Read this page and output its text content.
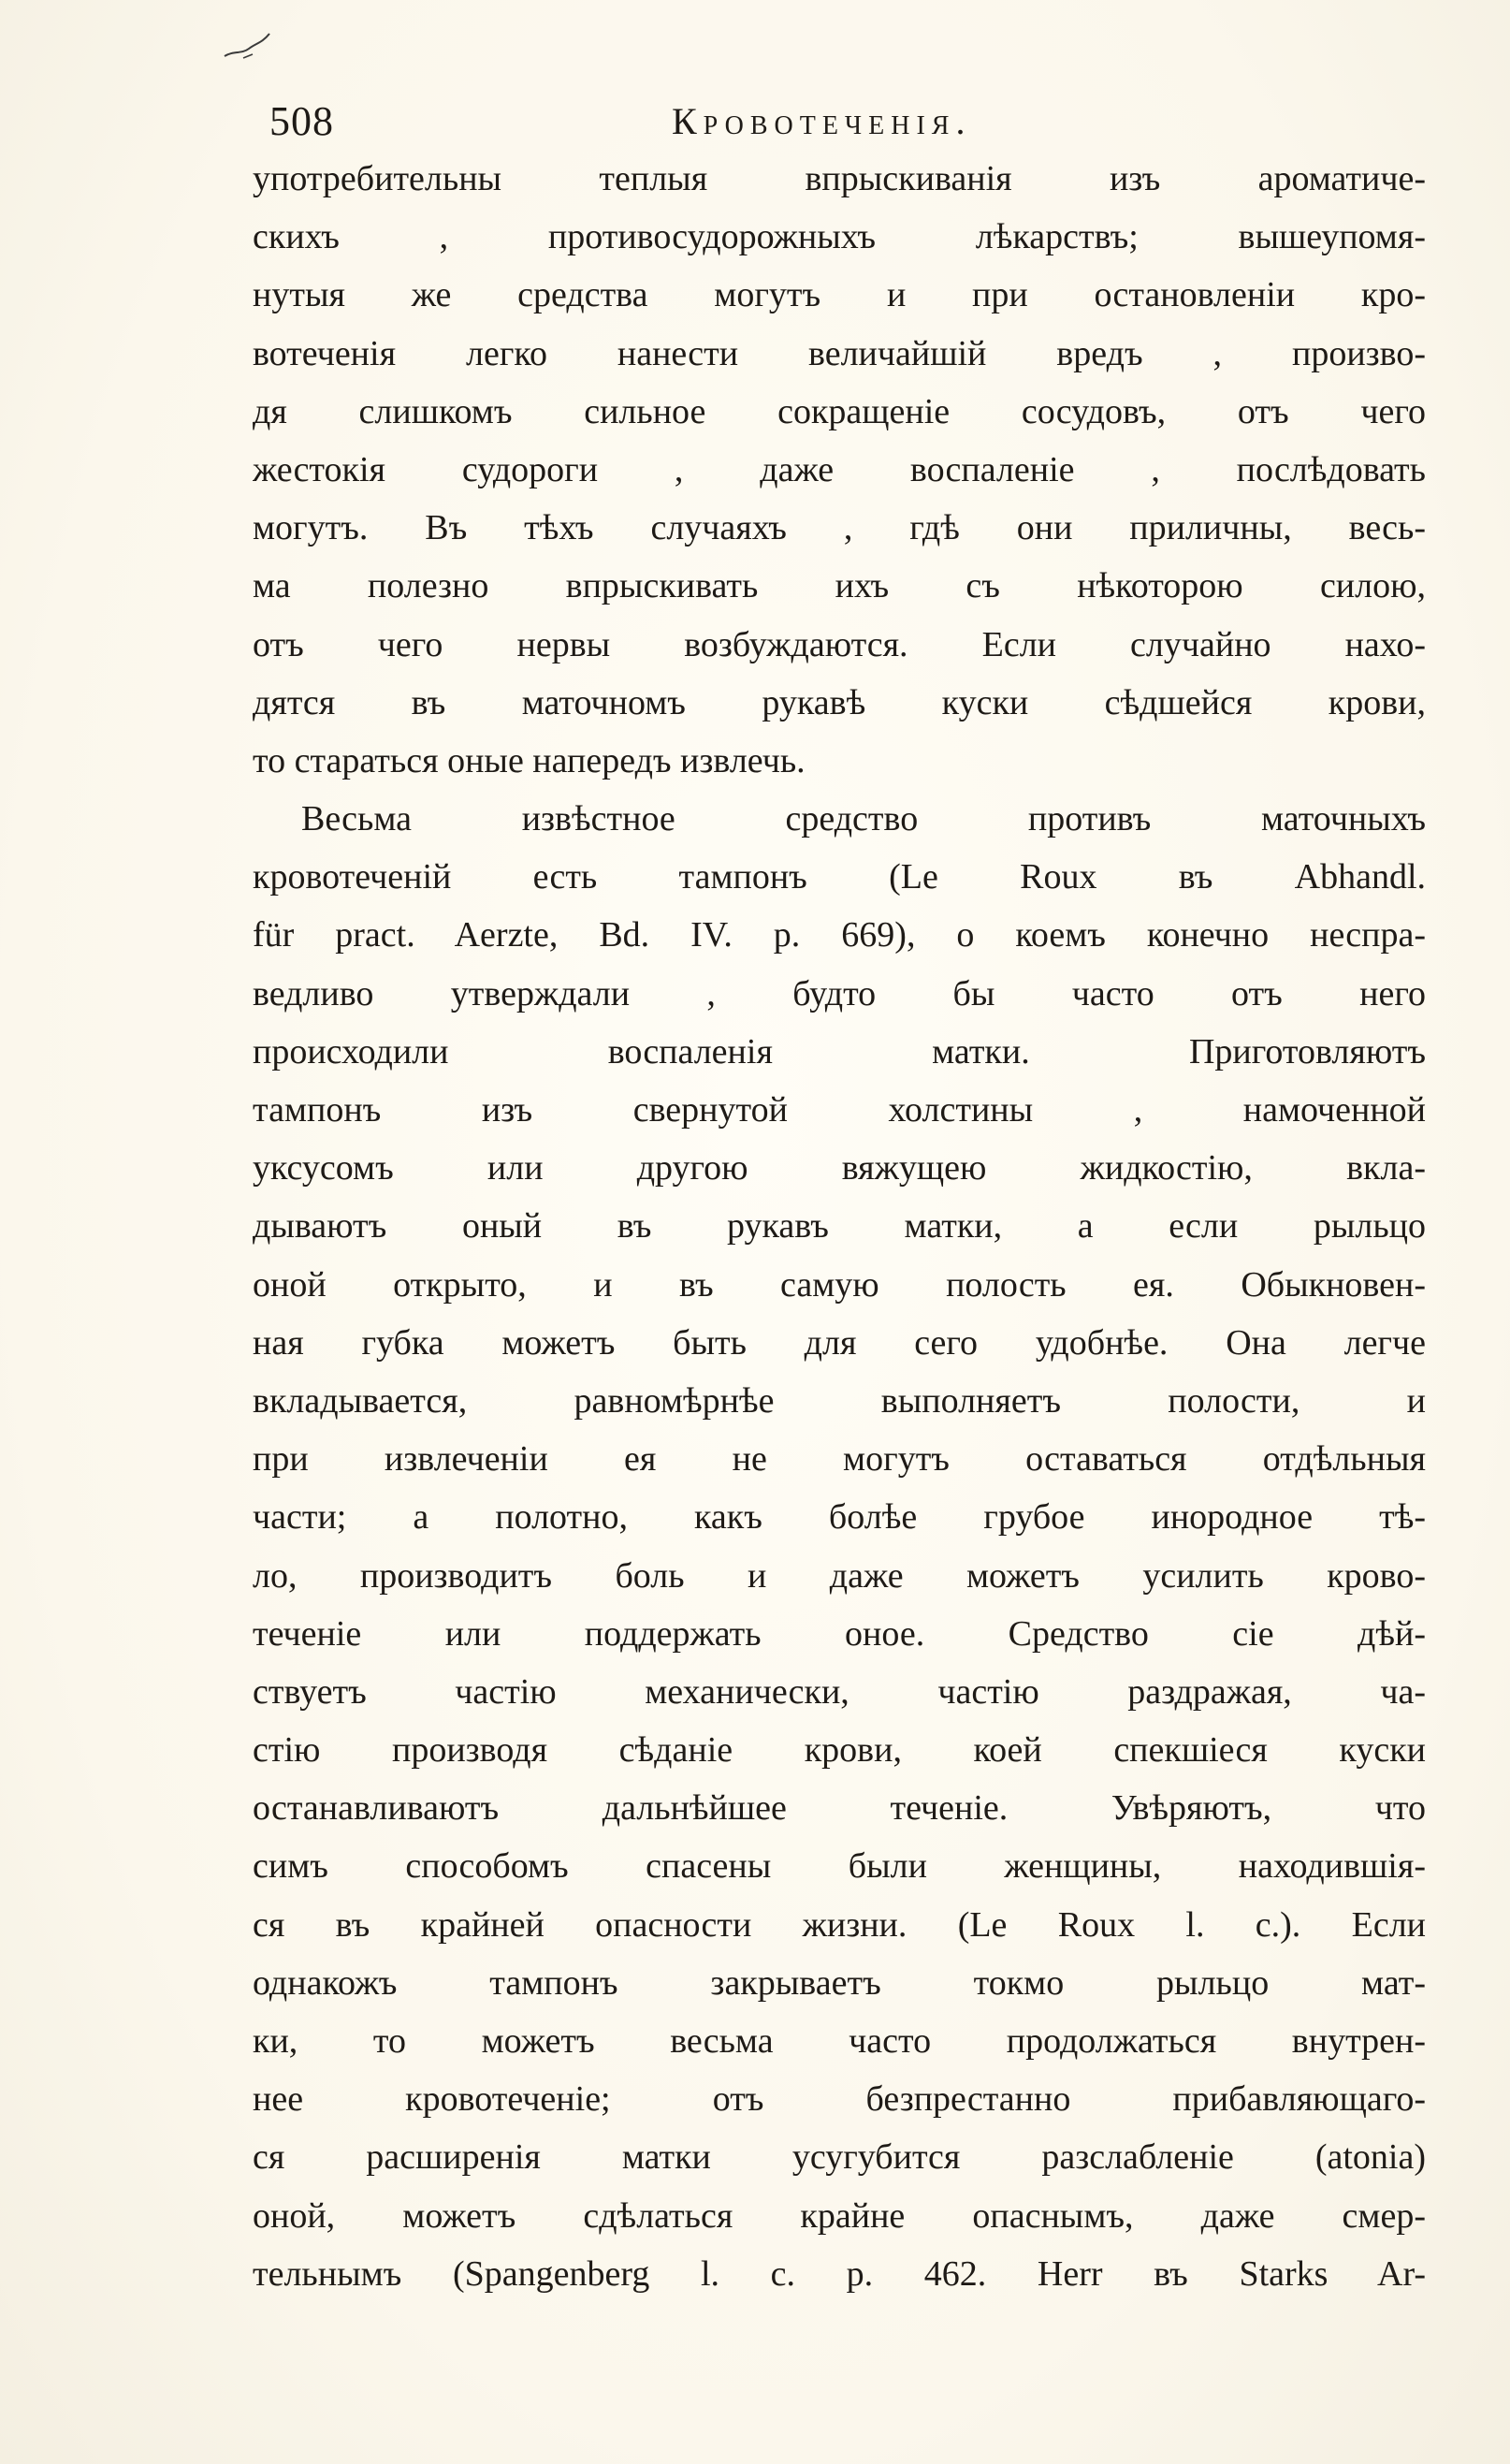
508	Кровотеченія.
употребительны теплыя впрыскиванія изъ ароматиче-
скихъ , противосудорожныхъ лѣкарствъ; вышеупомя-
нутыя же средства могутъ и при остановленіи кро-
вотеченія легко нанести величайшій вредъ , произво-
дя слишкомъ сильное сокращеніе сосудовъ, отъ чего
жестокія судороги , даже воспаленіе , послѣдовать
могутъ. Въ тѣхъ случаяхъ , гдѣ они приличны, весь-
ма полезно впрыскивать ихъ съ нѣкоторою силою,
отъ чего нервы возбуждаются. Если случайно нахо-
дятся въ маточномъ рукавѣ куски сѣдшейся крови,
то стараться оные напередъ извлечь.
Весьма извѣстное средство противъ маточныхъ
кровотеченій есть тампонъ (Le Roux въ Abhandl.
für pract. Aerzte, Bd. IV. p. 669), о коемъ конечно неспра-
ведливо утверждали , будто бы часто отъ него
происходили воспаленія матки. Приготовляютъ
тампонъ изъ свернутой холстины , намоченной
уксусомъ или другою вяжущею жидкостію, вкла-
дываютъ оный въ рукавъ матки, а если рыльцо
оной открыто, и въ самую полость ея. Обыкновен-
ная губка можетъ быть для сего удобнѣе. Она легче
вкладывается, равномѣрнѣе выполняетъ полости, и
при извлеченіи ея не могутъ оставаться отдѣльныя
части; а полотно, какъ болѣе грубое инородное тѣ-
ло, производитъ боль и даже можетъ усилить крово-
теченіе или поддержать оное. Средство сіе дѣй-
ствуетъ частію механически, частію раздражая, ча-
стію производя сѣданіе крови, коей спекшіеся куски
останавливаютъ дальнѣйшее теченіе. Увѣряютъ, что
симъ способомъ спасены были женщины, находившія-
ся въ крайней опасности жизни. (Le Roux l. c.). Если
однакожъ тампонъ закрываетъ токмо рыльцо мат-
ки, то можетъ весьма часто продолжаться внутрен-
нее кровотеченіе; отъ безпрестанно прибавляющаго-
ся расширенія матки усугубится разслабленіе (atonia)
оной, можетъ сдѣлаться крайне опаснымъ, даже смер-
тельнымъ (Spangenberg l. c. p. 462. Herr въ Starks Ar-
